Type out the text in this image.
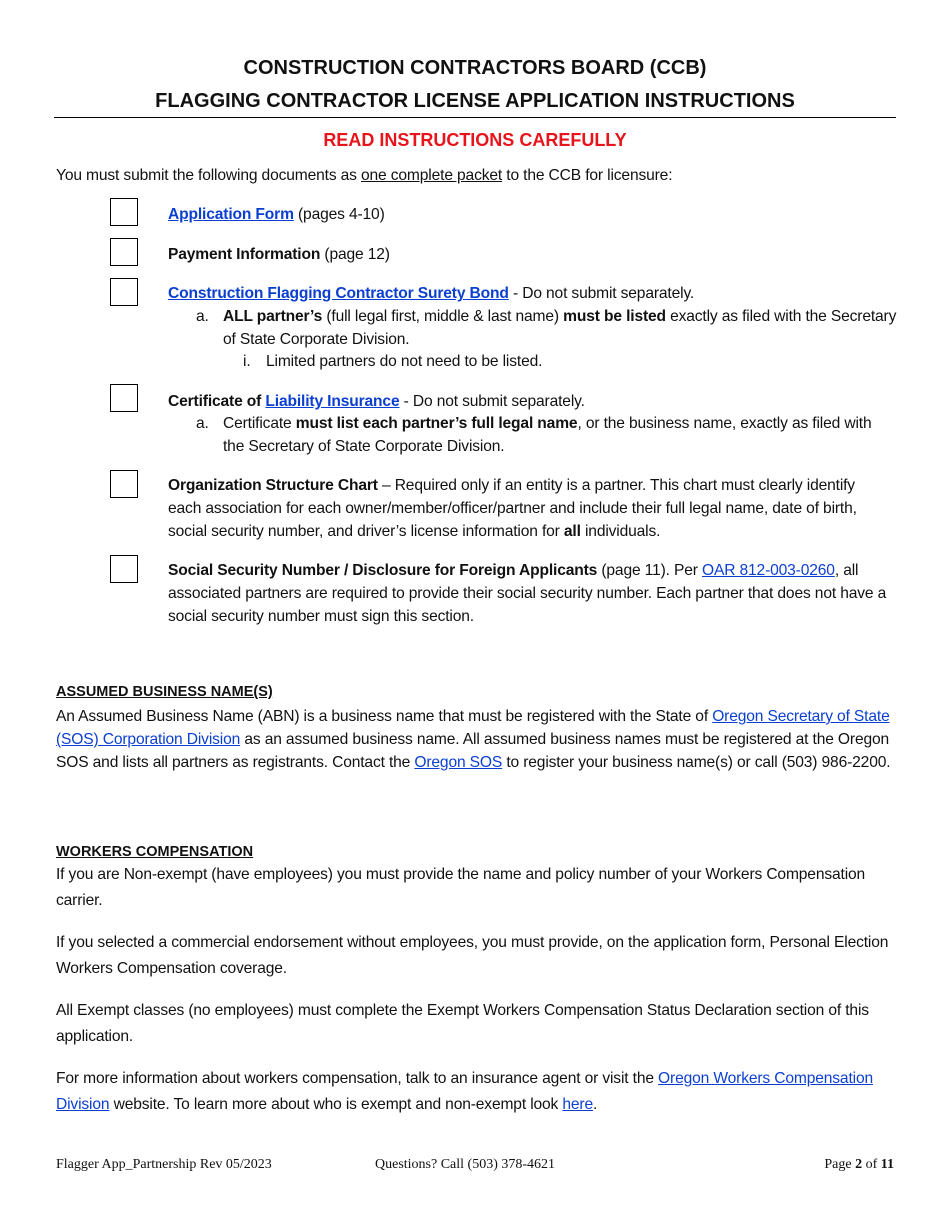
CONSTRUCTION CONTRACTORS BOARD (CCB)
FLAGGING CONTRACTOR LICENSE APPLICATION INSTRUCTIONS
READ INSTRUCTIONS CAREFULLY
You must submit the following documents as one complete packet to the CCB for licensure:
Application Form (pages 4-10)
Payment Information (page 12)
Construction Flagging Contractor Surety Bond - Do not submit separately.
a. ALL partner’s (full legal first, middle & last name) must be listed exactly as filed with the Secretary of State Corporate Division.
i. Limited partners do not need to be listed.
Certificate of Liability Insurance - Do not submit separately.
a. Certificate must list each partner’s full legal name, or the business name, exactly as filed with the Secretary of State Corporate Division.
Organization Structure Chart – Required only if an entity is a partner. This chart must clearly identify each association for each owner/member/officer/partner and include their full legal name, date of birth, social security number, and driver’s license information for all individuals.
Social Security Number / Disclosure for Foreign Applicants (page 11). Per OAR 812-003-0260, all associated partners are required to provide their social security number. Each partner that does not have a social security number must sign this section.
ASSUMED BUSINESS NAME(S)
An Assumed Business Name (ABN) is a business name that must be registered with the State of Oregon Secretary of State (SOS) Corporation Division as an assumed business name. All assumed business names must be registered at the Oregon SOS and lists all partners as registrants. Contact the Oregon SOS to register your business name(s) or call (503) 986-2200.
WORKERS COMPENSATION
If you are Non-exempt (have employees) you must provide the name and policy number of your Workers Compensation carrier.
If you selected a commercial endorsement without employees, you must provide, on the application form, Personal Election Workers Compensation coverage.
All Exempt classes (no employees) must complete the Exempt Workers Compensation Status Declaration section of this application.
For more information about workers compensation, talk to an insurance agent or visit the Oregon Workers Compensation Division website. To learn more about who is exempt and non-exempt look here.
Flagger App_Partnership Rev 05/2023	Questions? Call (503) 378-4621	Page 2 of 11
